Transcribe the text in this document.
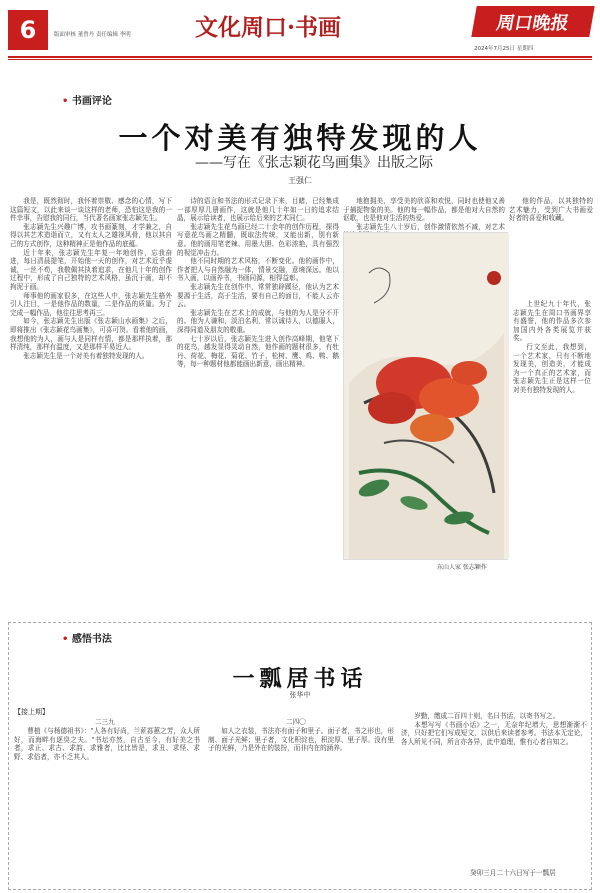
6	版面审核 董曾丹 责任编辑 李明	文化周口·书画	周口晚报
2024年7月25日 星期四
• 书画评论
一个对美有独特发现的人
——写在《张志颖花鸟画集》出版之际
王强仁

我是，既然彻时，我怀着崇敬、感念的心情，写下这篇短文，以此来谈一谈这样的老师，恐怕这是我的一件幸事，告慰我的同行，当代著名画家张志颖先生。

张志颖先生兴趣广博，攻书画篆刻，才学兼之，自得以其艺术造诣而立，又有太人之雄视风骨，他以其自己的方式创作，这种精神正是他作品的底蕴。

近十年来，张志颖先生年复一年地创作，忘我奋进，每日清晨提笔，开始他一天的创作，对艺术近乎虔诚，一丝不苟，我敬佩其执着追求，在他几十年的创作过程中，形成了自己独特的艺术风格，虽沉于画，却不拘泥于画。

师事他的画家很多，在这些人中，张志颖先生格外引人注目，一是他作品的数量，二是作品的质量。为了完成一幅作品，他往往思考再三。

如今，张志颖先生出版《张志颖山水画集》之后，即将推出《张志颖花鸟画集》，可喜可贺。看着他的画，我想他的为人，画与人是同样有情，都是那样执着，那样清纯，那样有温度，又是那样平易近人。

张志颖先生是一个对美有着独特发现的人。

诗的语言和书法的形式记录下来，目睹，已经集成一部厚厚几册画作，这就是他几十年如一日的追求结晶，展示给读者，也展示给后来的艺术同仁。

张志颖先生花鸟画已经二十余年的创作历程，探得写意花鸟画之精髓，既取法传统，又能出新，别有新意。他的画用笔老辣、用墨大胆、色彩浓艳，具有强烈的视觉冲击力。

他不同时期的艺术风格，不断变化。他的画作中，作者把人与自然融为一体，情景交融，意境深远。他以书入画，以画养书，书画同源，相得益彰。

张志颖先生在创作中，常常独辟蹊径，他认为艺术要源于生活，高于生活，要有自己的面目，不能人云亦云。

张志颖先生在艺术上的成就，与他的为人是分不开的。他为人谦和，淡泊名利，常以诚待人，以德服人，深得同道及朋友的敬重。

七十岁以后，张志颖先生进入创作高峰期，他笔下的花鸟，越发显得灵动自然，他作画的题材很多，有牡丹、荷花、梅花、菊花、竹子、松树、鹰、鸡、鸭、鹅等，每一种题材他都能画出新意，画出精神。

地抱拥美，享受美的欣喜和欢悦，同时也使他又善于捕捉物象的美。他的每一幅作品，都是他对大自然的讴歌，也是他对生活的热爱。

张志颖先生八十岁后，创作激情依然不减，对艺术

他的作品，以其独特的艺术魅力，受到广大书画爱好者的喜爱和收藏。

上世纪九十年代，张志颖先生在周口书画界享有盛誉，他的作品多次参加国内外各类展览并获奖。

行文至此，我想到，一个艺术家，只有不断地发现美，创造美，才能成为一个真正的艺术家，而张志颖先生正是这样一位对美有独特发现的人。

东山人家 张志颖作
• 感悟书法
一瓢居书话
张华中
【接上期】
二三九

曹植《与杨德祖书》："人各有好尚，兰茝荪蕙之芳，众人所好，而海畔有逐臭之夫。"书坛亦然，自古至今，有好美之书者，求正、求古、求韵、求雅者，比比皆是，求丑、求怪、求野、求俗者，亦不乏其人。

二四〇

如人之衣装，书法亦有面子和里子。面子者，书之形也，形制、面子光鲜；里子者，文化积淀也，积淀厚、里子厚。没有里子的光鲜，乃是外在的装扮，而非内在的涵养。

岁勤，缴成二百四十则，名曰书话，以寄书写之。

本想写写《书画小话》之一，无奈年纪增大，思想渐渐不济，只好把它们写成短文，以供后来读者参考。书法本无定论，各人所见不同，所言亦各异，此中道理，惟有心者自知之。

癸卯三月二十六日写于一瓢居
